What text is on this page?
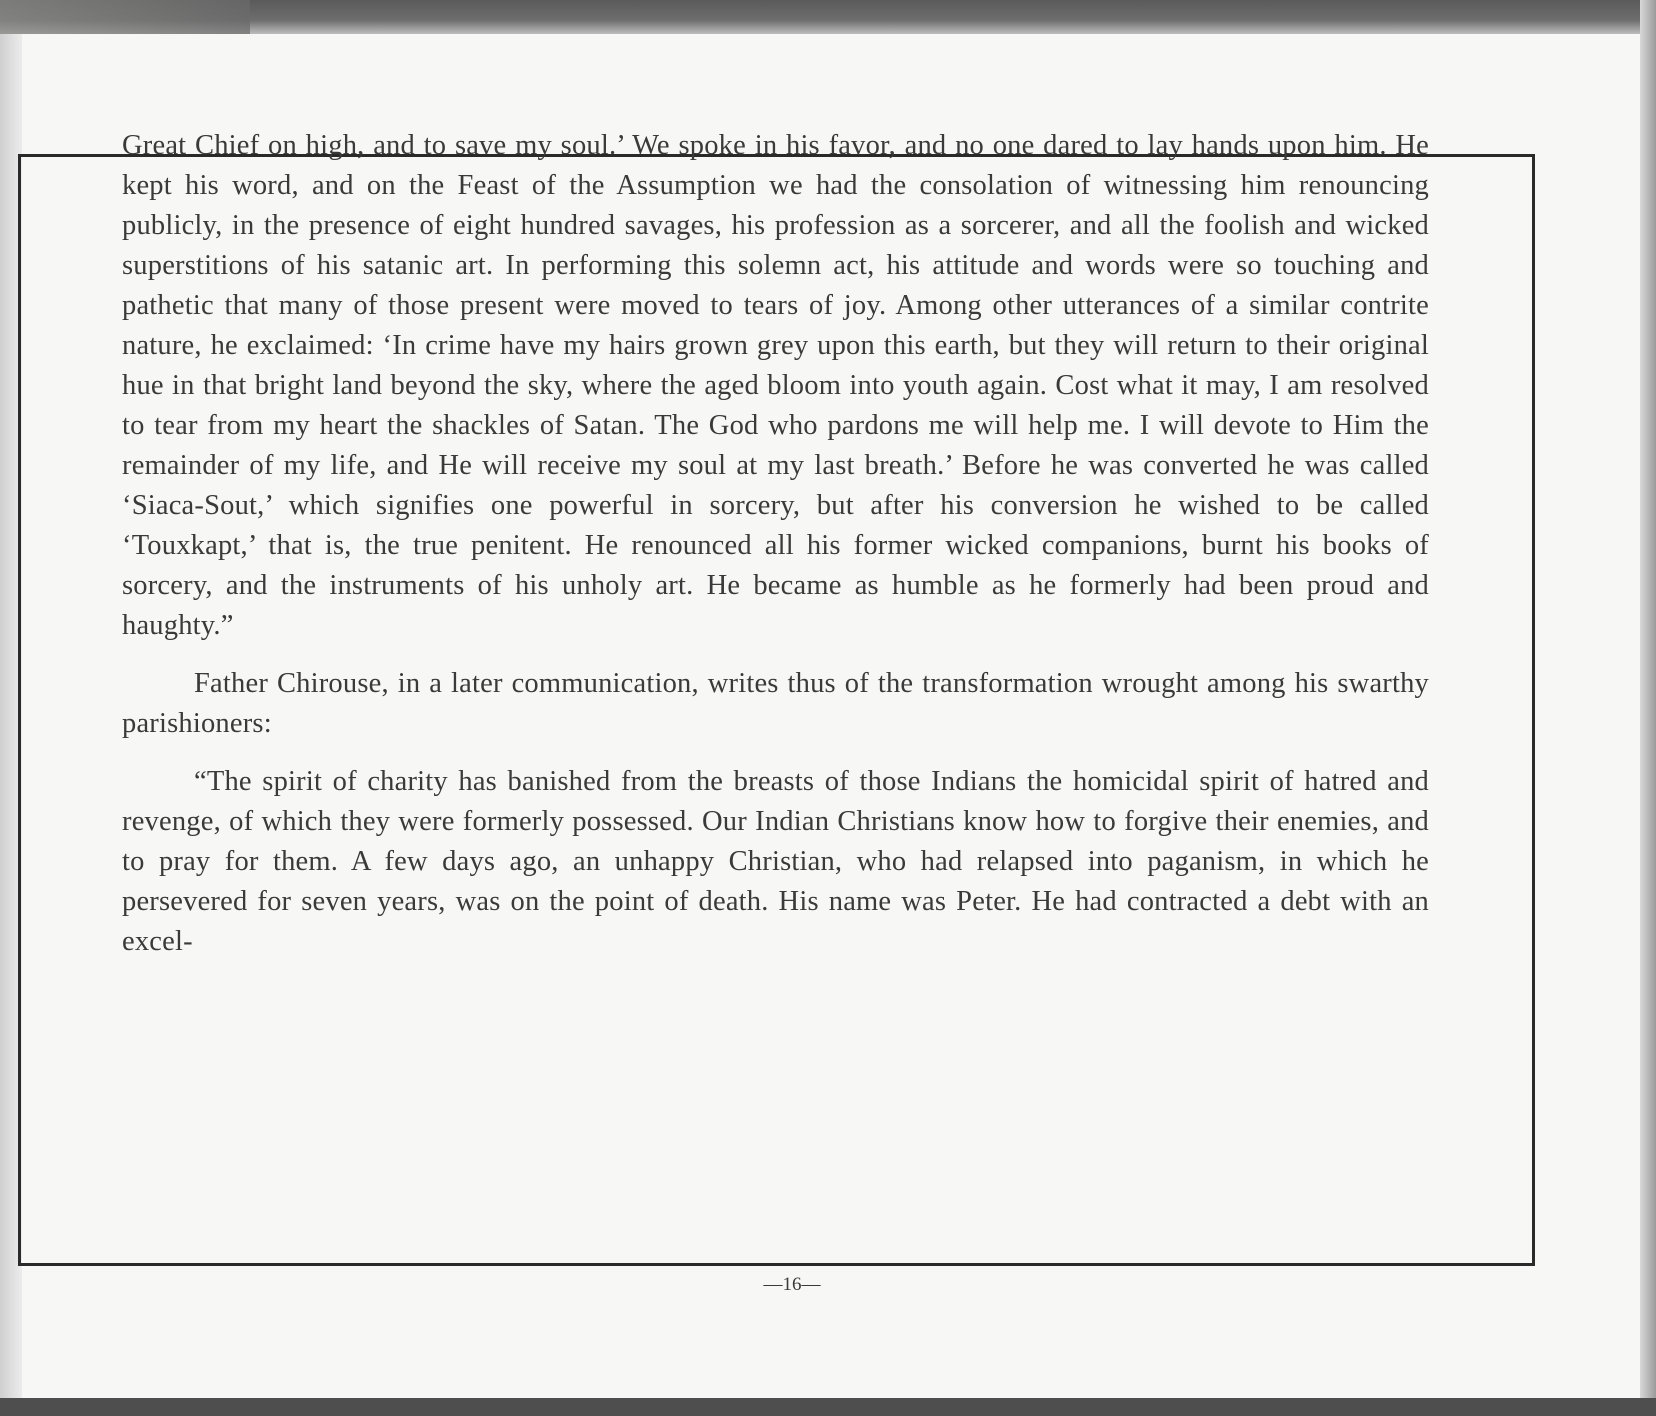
Great Chief on high, and to save my soul.’ We spoke in his favor, and no one dared to lay hands upon him. He kept his word, and on the Feast of the Assumption we had the consolation of witnessing him renouncing publicly, in the presence of eight hundred savages, his profession as a sorcerer, and all the foolish and wicked superstitions of his satanic art. In performing this solemn act, his attitude and words were so touching and pathetic that many of those present were moved to tears of joy. Among other utterances of a similar contrite nature, he exclaimed: ‘In crime have my hairs grown grey upon this earth, but they will return to their original hue in that bright land beyond the sky, where the aged bloom into youth again. Cost what it may, I am resolved to tear from my heart the shackles of Satan. The God who pardons me will help me. I will devote to Him the remainder of my life, and He will receive my soul at my last breath.’ Before he was converted he was called ‘Siaca-Sout,’ which signifies one powerful in sorcery, but after his conversion he wished to be called ‘Touxkapt,’ that is, the true penitent. He renounced all his former wicked companions, burnt his books of sorcery, and the instruments of his unholy art. He became as humble as he formerly had been proud and haughty.”

Father Chirouse, in a later communication, writes thus of the transformation wrought among his swarthy parishioners:

“The spirit of charity has banished from the breasts of those Indians the homicidal spirit of hatred and revenge, of which they were formerly possessed. Our Indian Christians know how to forgive their enemies, and to pray for them. A few days ago, an unhappy Christian, who had relapsed into paganism, in which he persevered for seven years, was on the point of death. His name was Peter. He had contracted a debt with an excel-

—16—
